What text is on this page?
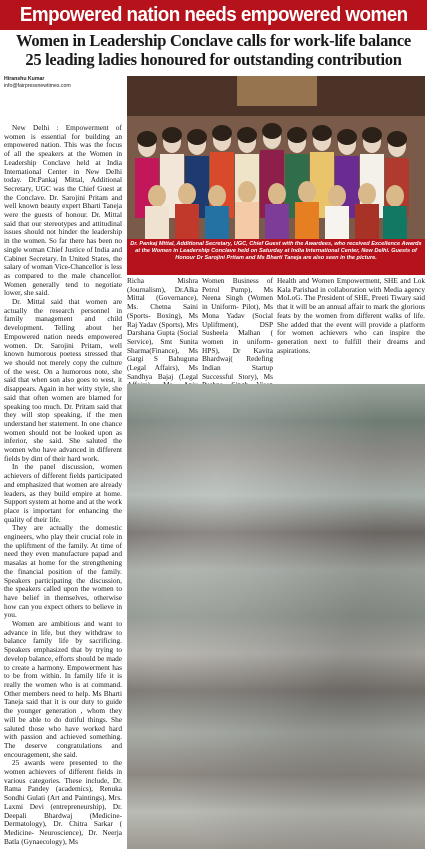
Empowered nation needs empowered women
Women in Leadership Conclave calls for work-life balance
25 leading ladies honoured for outstanding contribution
Hiranshu Kumar
info@fairpressnewtimes.com
Dr. Pankaj Mittal, Additional Secretary, UGC, Chief Guest with the Awardees, who received Excellence Awards at the Women in Leadership Conclave held on Saturday at India International Center, New Delhi. Guests of Honour Dr Sarojini Pritam and Ms Bharti Taneja are also seen in the picture.

New Delhi : Empowerment of women is essential for building an empowered nation. This was the focus of all the speakers at the Women in Leadership Conclave held at India International Center in New Delhi today. Dr.Pankaj Mittal, Additional Secretary, UGC was the Chief Guest at the Conclave. Dr. Sarojini Pritam and well known beauty expert Bharti Taneja were the guests of honour. Dr. Mittal said that our stereotypes and attitudinal issues should not hinder the leadership in the women. So far there has been no single woman Chief Justice of India and Cabinet Secretary. In United States, the salary of woman Vice-Chancellor is less as compared to the male chancellor. Women generally tend to negotiate lower, she said.

Dr. Mittal said that women are actually the research personnel in family management and child development. Telling about her Empowered nation needs empowered women. Dr. Sarojini Pritam, well known humorous poetess stressed that we should not merely copy the culture of the west. On a humorous note, she said that when son also goes to west, it disappears. Again in her witty style, she said that often women are blamed for speaking too much. Dr. Pritam said that they will stop speaking, if the men understand her statement. In one chance women should not be looked upon as inferior, she said. She saluted the women who have advanced in different fields by dint of their hard work.

In the panel discussion, women achievers of different fields participated and emphasized that women are already leaders, as they build empire at home. Support system at home and at the work place is important for enhancing the quality of their life.

They are actually the domestic engineers, who play their crucial role in the upliftment of the family. At time of need they even manufacture papad and masalas at home for the strengthening the financial position of the family. Speakers participating the discussion, the speakers called upon the women to have belief in themselves, otherwise how can you expect others to believe in you.

Women are ambitious and want to advance in life, but they withdraw to balance family life by sacrificing. Speakers emphasized that by trying to develop balance, efforts should be made to create a harmony. Empowerment has to be from within. In family life it is really the women who is at command. Other members need to help. Ms Bharti Taneja said that it is our duty to guide the younger generation , whom they will be able to do dutiful things. She saluted those who have worked hard with passion and achieved something. The deserve congratulations and encouragement, she said.

25 awards were presented to the women achievers of different fields in various categories. These include, Dr. Rama Pandey (academics), Renuka Sondhi Gulati (Art and Paintings), Mrs. Laxmi Devi (entrepreneurship), Dr. Deepali Bhardwaj (Medicine-Dermatology), Dr. Chitra Sarkar ( Medicine- Neuroscience), Dr. Neerja Batla (Gynaecology), Ms

Richa Mishra (Journalism), Dr.Alka Mittal (Governance), Ms. Chetna Saini (Sports- Boxing), Ms Raj Yadav (Sports), Mrs Darshana Gupta (Social Service), Smt Sunita Sharma(Finance), Ms Gargi S Bahuguna (Legal Affairs), Ms Sandhya Bajaj (Legal

Women Business of Petrol Pump), Ms Neena Singh (Women in Uniform- Pilot), Ms Mona Yadav (Social Upliftment), DSP Susheela Malhan ( women in uniform- HPS), Dr Kavita Bhardwaj( Redefing Indian Startup Successful Story), Ms

Health and Women Empowerment, SHE and Lok Kala Parishad in collaboration with Media agency MoLoG. The President of SHE, Preeti Tiwary said that it will be an annual affair to mark the glorious feats by the women from different walks of life. She added that the event will provide a platform for women achievers who can inspire the generation next to fulfill their dreams and aspirations.
